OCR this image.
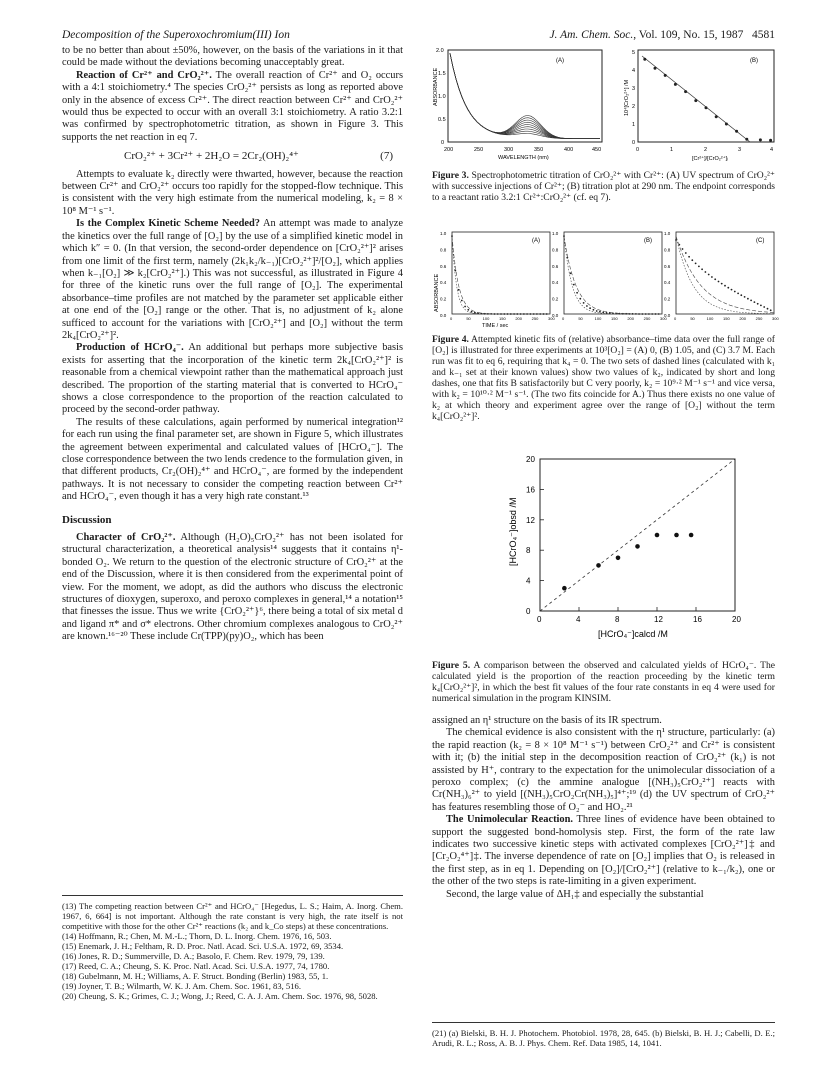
Decomposition of the Superoxochromium(III) Ion	J. Am. Chem. Soc., Vol. 109, No. 15, 1987 4581

to be no better than about ±50%, however, on the basis of the variations in it that could be made without the deviations becoming unacceptably great.

Reaction of Cr²⁺ and CrO₂²⁺. The overall reaction of Cr²⁺ and O₂ occurs with a 4:1 stoichiometry.⁴ The species CrO₂²⁺ persists as long as reported above only in the absence of excess Cr²⁺. The direct reaction between Cr²⁺ and CrO₂²⁺ would thus be expected to occur with an overall 3:1 stoichiometry. A ratio 3.2:1 was confirmed by spectrophotometric titration, as shown in Figure 3. This supports the net reaction in eq 7.

CrO₂²⁺ + 3Cr²⁺ + 2H₂O = 2Cr₂(OH)₂⁴⁺	(7)

Attempts to evaluate k₂ directly were thwarted, however, because the reaction between Cr²⁺ and CrO₂²⁺ occurs too rapidly for the stopped-flow technique. This is consistent with the very high estimate from the numerical modeling, k₂ = 8 × 10⁸ M⁻¹ s⁻¹.

Is the Complex Kinetic Scheme Needed? An attempt was made to analyze the kinetics over the full range of [O₂] by the use of a simplified kinetic model in which k″ = 0. (In that version, the second-order dependence on [CrO₂²⁺]² arises from one limit of the first term, namely (2k₁k₂/k₋₁)[CrO₂²⁺]²/[O₂], which applies when k₋₁[O₂] ≫ k₂[CrO₂²⁺].) This was not successful, as illustrated in Figure 4 for three of the kinetic runs over the full range of [O₂]. The experimental absorbance–time profiles are not matched by the parameter set applicable either at one end of the [O₂] range or the other. That is, no adjustment of k₂ alone sufficed to account for the variations with [CrO₂²⁺] and [O₂] without the term 2k₄[CrO₂²⁺]².

Production of HCrO₄⁻. An additional but perhaps more subjective basis exists for asserting that the incorporation of the kinetic term 2k₄[CrO₂²⁺]² is reasonable from a chemical viewpoint rather than the mathematical approach just described. The proportion of the starting material that is converted to HCrO₄⁻ shows a close correspondence to the proportion of the reaction calculated to proceed by the second-order pathway.

The results of these calculations, again performed by numerical integration¹² for each run using the final parameter set, are shown in Figure 5, which illustrates the agreement between experimental and calculated values of [HCrO₄⁻]. The close correspondence between the two lends credence to the formulation given, in that different products, Cr₂(OH)₂⁴⁺ and HCrO₄⁻, are formed by the independent pathways. It is not necessary to consider the competing reaction between Cr²⁺ and HCrO₄⁻, even though it has a very high rate constant.¹³

Discussion

Character of CrO₂²⁺. Although (H₂O)₅CrO₂²⁺ has not been isolated for structural characterization, a theoretical analysis¹⁴ suggests that it contains η¹-bonded O₂. We return to the question of the electronic structure of CrO₂²⁺ at the end of the Discussion, where it is then considered from the experimental point of view. For the moment, we adopt, as did the authors who discuss the electronic structures of dioxygen, superoxo, and peroxo complexes in general,¹⁴ a notation¹⁵ that finesses the issue. Thus we write {CrO₂²⁺}⁶, there being a total of six metal d and ligand π* and σ* electrons. Other chromium complexes analogous to CrO₂²⁺ are known.¹⁶⁻²⁰ These include Cr(TPP)(py)O₂, which has been

(13) The competing reaction between Cr²⁺ and HCrO₄⁻ [Hegedus, L. S.; Haim, A. Inorg. Chem. 1967, 6, 664] is not important. Although the rate constant is very high, the rate itself is not competitive with those for the other Cr²⁺ reactions (k₂ and k_Co steps) at these concentrations.
(14) Hoffmann, R.; Chen, M. M.-L.; Thorn, D. L. Inorg. Chem. 1976, 16, 503.
(15) Enemark, J. H.; Feltham, R. D. Proc. Natl. Acad. Sci. U.S.A. 1972, 69, 3534.
(16) Jones, R. D.; Summerville, D. A.; Basolo, F. Chem. Rev. 1979, 79, 139.
(17) Reed, C. A.; Cheung, S. K. Proc. Natl. Acad. Sci. U.S.A. 1977, 74, 1780.
(18) Gubelmann, M. H.; Williams, A. F. Struct. Bonding (Berlin) 1983, 55, 1.
(19) Joyner, T. B.; Wilmarth, W. K. J. Am. Chem. Soc. 1961, 83, 516.
(20) Cheung, S. K.; Grimes, C. J.; Wong, J.; Reed, C. A. J. Am. Chem. Soc. 1976, 98, 5028.
(A)
ABSORBANCE
2.0
1.5
1.0
0.5
0
200	250	300	350	400	450
WAVELENGTH (nm)
(B)
10⁴[CrO₂²⁺] /M
5
4
3
2
1
0
0	1	2	3	4
[Cr²⁺]/[CrO₂²⁺]ᵢ
Figure 3. Spectrophotometric titration of CrO₂²⁺ with Cr²⁺: (A) UV spectrum of CrO₂²⁺ with successive injections of Cr²⁺; (B) titration plot at 290 nm. The endpoint corresponds to a reactant ratio 3.2:1 Cr²⁺:CrO₂²⁺ (cf. eq 7).
ABSORBANCE
(A)
1.0
0.8
0.6
0.4
0.2
0.0
0	50	100 150 200 250 300
(B)
1.0
0.8
0.6
0.4
0.2
0.0
0	50	100 150 200 250 300
(C)
1.0
0.8
0.6
0.4
0.2
0.0
0	50	100 150 200 250 300
TIME / sec
Figure 4. Attempted kinetic fits of (relative) absorbance–time data over the full range of [O₂] is illustrated for three experiments at 10³[O₂] = (A) 0, (B) 1.05, and (C) 3.7 M. Each run was fit to eq 6, requiring that k₄ = 0. The two sets of dashed lines (calculated with k₁ and k₋₁ set at their known values) show two values of k₂, indicated by short and long dashes, one that fits B satisfactorily but C very poorly, k₂ = 10⁹·² M⁻¹ s⁻¹ and vice versa, with k₂ = 10¹⁰·² M⁻¹ s⁻¹. (The two fits coincide for A.) Thus there exists no one value of k₂ at which theory and experiment agree over the range of [O₂] without the term k₄[CrO₂²⁺]².
0	4	8	12	16	20
0
4
8
12
16
20
[HCrO₄⁻]obsd /M
[HCrO₄⁻]calcd /M
Figure 5. A comparison between the observed and calculated yields of HCrO₄⁻. The calculated yield is the proportion of the reaction proceeding by the kinetic term k₄[CrO₂²⁺]², in which the best fit values of the four rate constants in eq 4 were used for numerical simulation in the program KINSIM.

assigned an η¹ structure on the basis of its IR spectrum.

The chemical evidence is also consistent with the η¹ structure, particularly: (a) the rapid reaction (k₂ = 8 × 10⁸ M⁻¹ s⁻¹) between CrO₂²⁺ and Cr²⁺ is consistent with it; (b) the initial step in the decomposition reaction of CrO₂²⁺ (k₁) is not assisted by H⁺, contrary to the expectation for the unimolecular dissociation of a peroxo complex; (c) the ammine analogue [(NH₃)₅CrO₂²⁺] reacts with Cr(NH₃)₆²⁺ to yield [(NH₃)₅CrO₂Cr(NH₃)₅]⁴⁺;¹⁹ (d) the UV spectrum of CrO₂²⁺ has features resembling those of O₂⁻ and HO₂.²¹

The Unimolecular Reaction. Three lines of evidence have been obtained to support the suggested bond-homolysis step. First, the form of the rate law indicates two successive kinetic steps with activated complexes [CrO₂²⁺]‡ and [Cr₂O₂⁴⁺]‡. The inverse dependence of rate on [O₂] implies that O₂ is released in the first step, as in eq 1. Depending on [O₂]/[CrO₂²⁺] (relative to k₋₁/k₂), one or the other of the two steps is rate-limiting in a given experiment.

Second, the large value of ΔH₁‡ and especially the substantial

(21) (a) Bielski, B. H. J. Photochem. Photobiol. 1978, 28, 645. (b) Bielski, B. H. J.; Cabelli, D. E.; Arudi, R. L.; Ross, A. B. J. Phys. Chem. Ref. Data 1985, 14, 1041.
